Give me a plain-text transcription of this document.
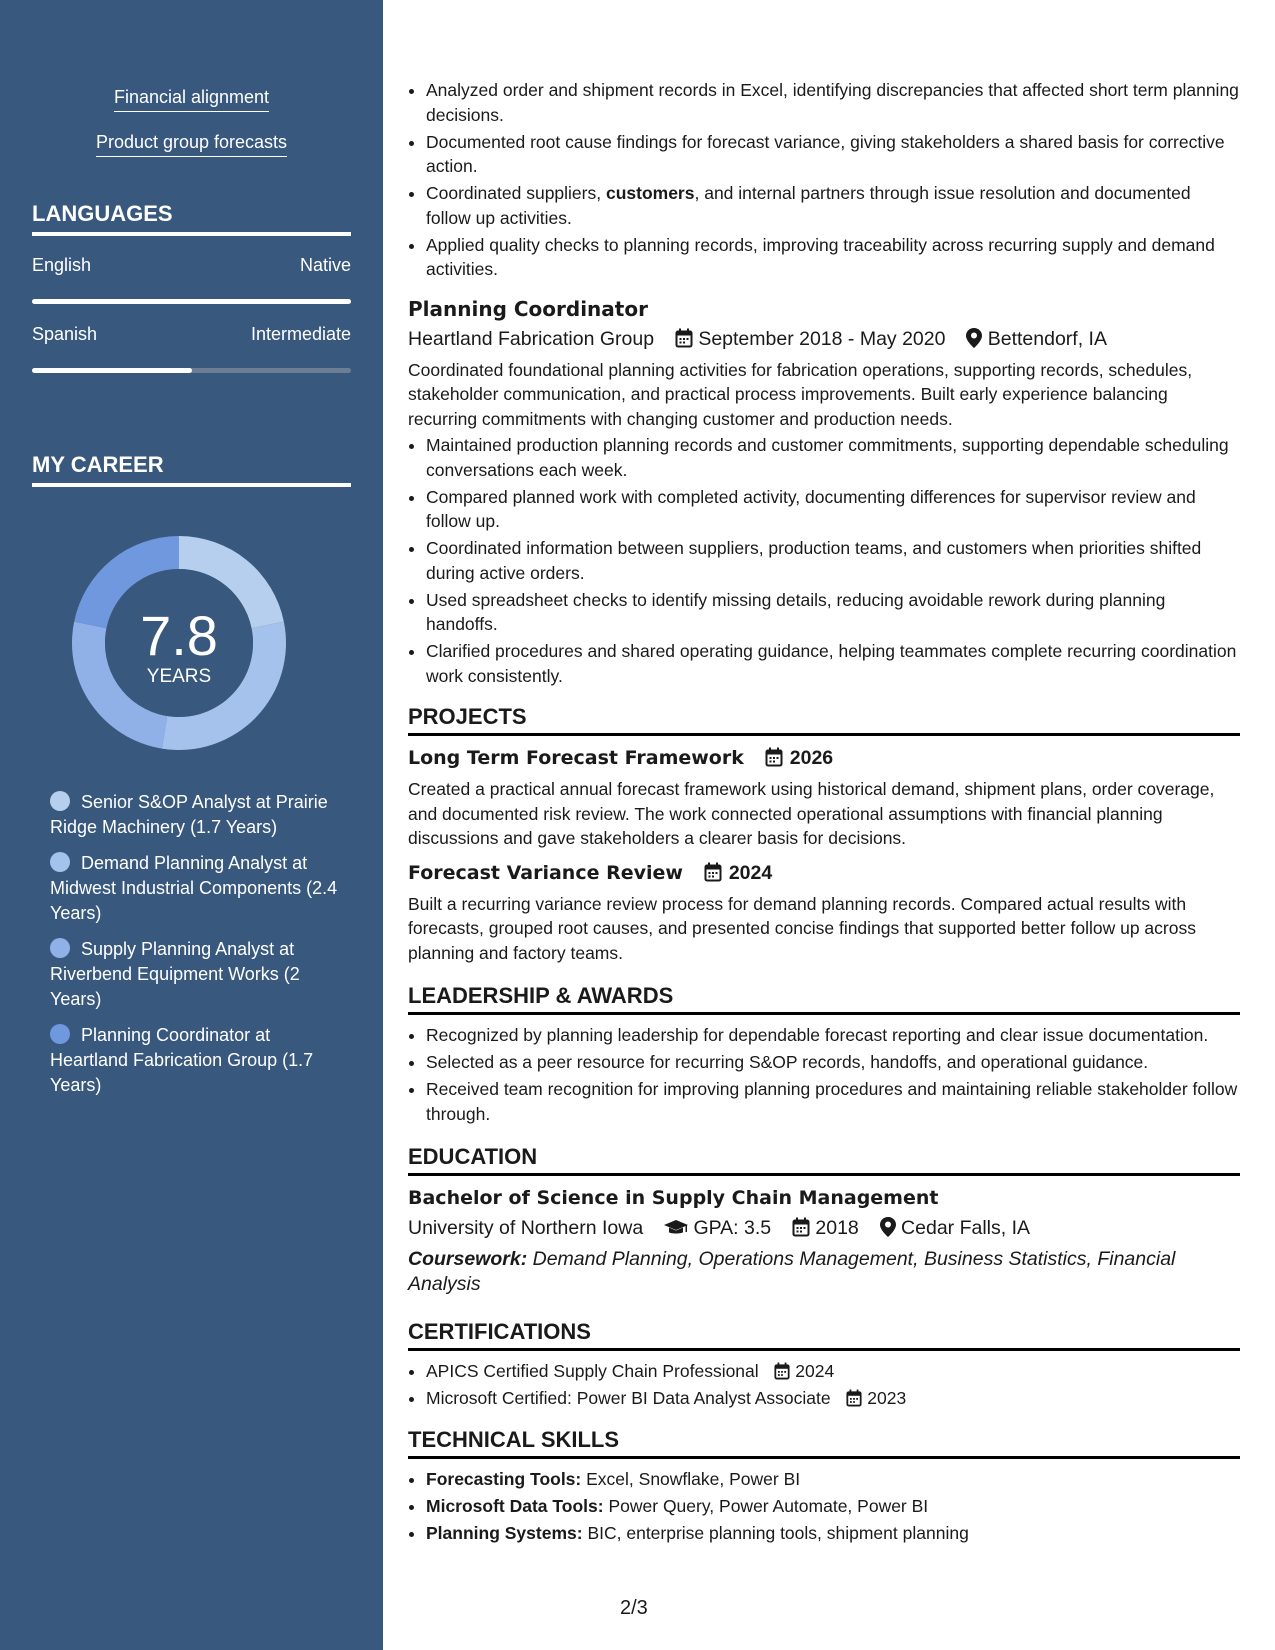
Financial alignment
Product group forecasts
LANGUAGES
English	Native
Spanish	Intermediate
MY CAREER
7.8
YEARS
Senior S&OP Analyst at Prairie Ridge Machinery (1.7 Years)
Demand Planning Analyst at Midwest Industrial Components (2.4 Years)
Supply Planning Analyst at Riverbend Equipment Works (2 Years)
Planning Coordinator at Heartland Fabrication Group (1.7 Years)
• Analyzed order and shipment records in Excel, identifying discrepancies that affected short term planning decisions.
• Documented root cause findings for forecast variance, giving stakeholders a shared basis for corrective action.
• Coordinated suppliers, customers, and internal partners through issue resolution and documented follow up activities.
• Applied quality checks to planning records, improving traceability across recurring supply and demand activities.
Planning Coordinator
Heartland Fabrication Group September 2018 - May 2020 Bettendorf, IA
Coordinated foundational planning activities for fabrication operations, supporting records, schedules, stakeholder communication, and practical process improvements. Built early experience balancing recurring commitments with changing customer and production needs.
• Maintained production planning records and customer commitments, supporting dependable scheduling conversations each week.
• Compared planned work with completed activity, documenting differences for supervisor review and follow up.
• Coordinated information between suppliers, production teams, and customers when priorities shifted during active orders.
• Used spreadsheet checks to identify missing details, reducing avoidable rework during planning handoffs.
• Clarified procedures and shared operating guidance, helping teammates complete recurring coordination work consistently.
PROJECTS
Long Term Forecast Framework 2026
Created a practical annual forecast framework using historical demand, shipment plans, order coverage, and documented risk review. The work connected operational assumptions with financial planning discussions and gave stakeholders a clearer basis for decisions.
Forecast Variance Review 2024
Built a recurring variance review process for demand planning records. Compared actual results with forecasts, grouped root causes, and presented concise findings that supported better follow up across planning and factory teams.
LEADERSHIP & AWARDS
• Recognized by planning leadership for dependable forecast reporting and clear issue documentation.
• Selected as a peer resource for recurring S&OP records, handoffs, and operational guidance.
• Received team recognition for improving planning procedures and maintaining reliable stakeholder follow through.
EDUCATION
Bachelor of Science in Supply Chain Management
University of Northern Iowa	GPA: 3.5 2018 Cedar Falls, IA
Coursework: Demand Planning, Operations Management, Business Statistics, Financial Analysis
CERTIFICATIONS
• APICS Certified Supply Chain Professional 2024
• Microsoft Certified: Power BI Data Analyst Associate 2023
TECHNICAL SKILLS
• Forecasting Tools: Excel, Snowflake, Power BI
• Microsoft Data Tools: Power Query, Power Automate, Power BI
• Planning Systems: BIC, enterprise planning tools, shipment planning
2/3
